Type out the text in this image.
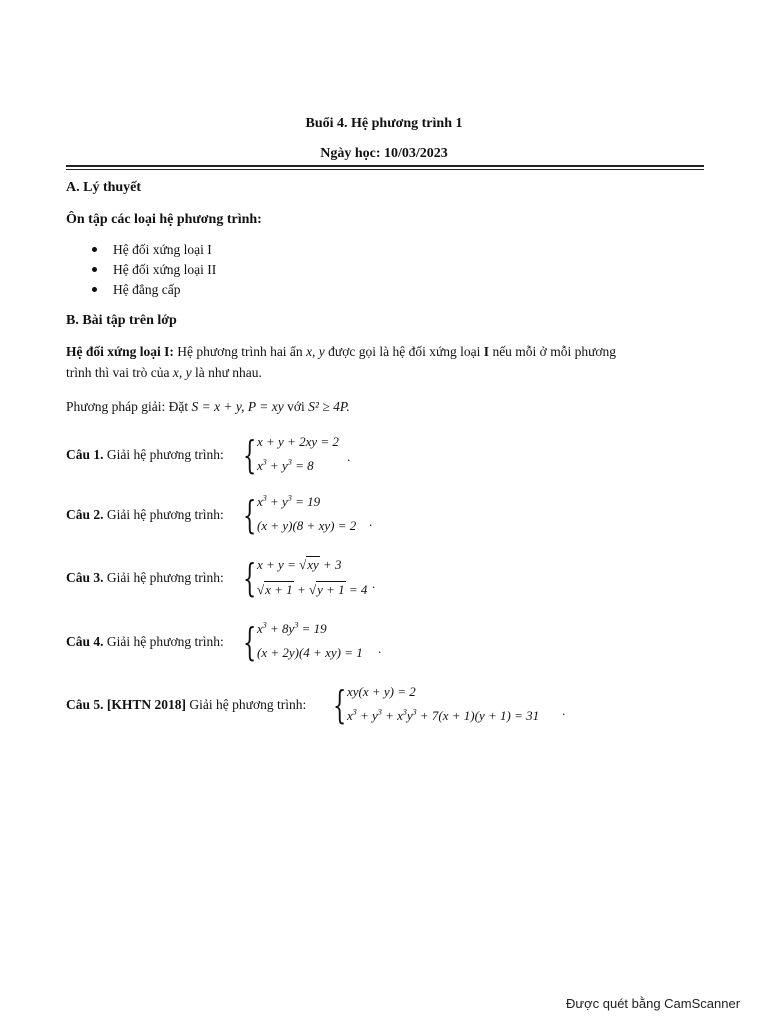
Buổi 4. Hệ phương trình 1
Ngày học: 10/03/2023
A. Lý thuyết
Ôn tập các loại hệ phương trình:
Hệ đối xứng loại I
Hệ đối xứng loại II
Hệ đẳng cấp
B. Bài tập trên lớp
Hệ đối xứng loại I: Hệ phương trình hai ẩn x, y được gọi là hệ đối xứng loại I nếu mỗi ở mỗi phương
trình thì vai trò của x, y là như nhau.
Phương pháp giải: Đặt S = x + y, P = xy với S² ≥ 4P.
Câu 1. Giải hệ phương trình: { x + y + 2xy = 2
$x^3 + y^3 = 8$
.
Câu 2. Giải hệ phương trình: { $x^3 + y^3 = 19$
(x + y)(8 + xy) = 2 .
Câu 3. Giải hệ phương trình: { x + y = √xy + 3
√x + 1 + √y + 1 = 4 .
Câu 4. Giải hệ phương trình: { $x^3 + 8y^3 = 19$
(x + 2y)(4 + xy) = 1 .
Câu 5. [KHTN 2018] Giải hệ phương trình: { xy(x + y) = 2
$x^3 + y^3 + x^3y^3 + 7(x + 1)(y + 1) = 31$ .
Được quét bằng CamScanner
